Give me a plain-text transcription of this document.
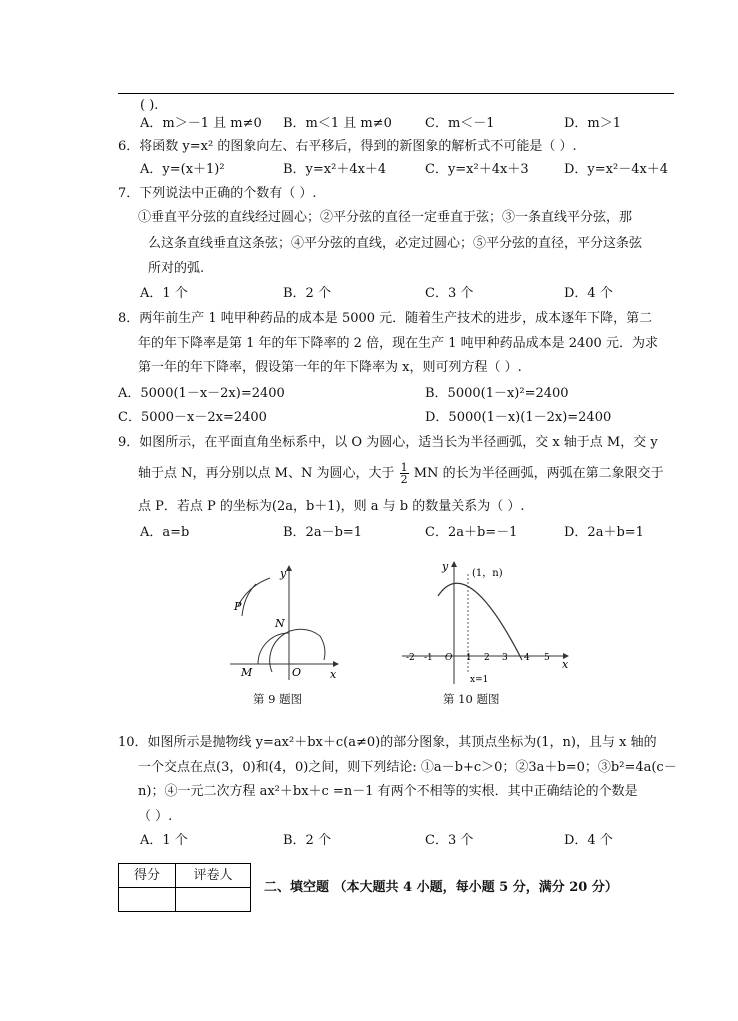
( ).
A．m＞－1 且 m≠0 B．m＜1 且 m≠0	C．m＜－1	D．m＞1
6．将函数 y=x² 的图象向左、右平移后，得到的新图象的解析式不可能是（ ）.
A．y=(x＋1)²	B．y=x²＋4x＋4	C．y=x²＋4x＋3	D．y=x²－4x＋4
7．下列说法中正确的个数有（ ）.
①垂直平分弦的直线经过圆心；②平分弦的直径一定垂直于弦；③一条直线平分弦，那
么这条直线垂直这条弦；④平分弦的直线，必定过圆心；⑤平分弦的直径，平分这条弦
所对的弧.
A．1 个	B．2 个	C．3 个	D．4 个
8．两年前生产 1 吨甲种药品的成本是 5000 元．随着生产技术的进步，成本逐年下降，第二
年的年下降率是第 1 年的年下降率的 2 倍，现在生产 1 吨甲种药品成本是 2400 元．为求
第一年的年下降率，假设第一年的年下降率为 x，则可列方程（ ）.
A．5000(1－x－2x)=2400	B．5000(1－x)²=2400
C．5000－x－2x=2400	D．5000(1－x)(1－2x)=2400
9．如图所示，在平面直角坐标系中，以 O 为圆心，适当长为半径画弧，交 x 轴于点 M，交 y
轴于点 N，再分别以点 M、N 为圆心，大于 $\frac{1}{2}$ MN 的长为半径画弧，两弧在第二象限交于
点 P．若点 P 的坐标为(2a，b＋1)，则 a 与 b 的数量关系为（ ）.
A．a=b	B．2a－b=1	C．2a＋b=－1	D．2a＋b=1
y
x
P
N
M	O
第 9 题图
y
x
(1，n)
x=1
-2 -1 O 1 2 3 4 5
第 10 题图
10．如图所示是抛物线 y=ax²＋bx＋c(a≠0)的部分图象，其顶点坐标为(1，n)，且与 x 轴的
一个交点在点(3，0)和(4，0)之间，则下列结论: ①a－b+c＞0；②3a＋b=0；③b²=4a(c－
n)；④一元二次方程 ax²＋bx＋c =n－1 有两个不相等的实根．其中正确结论的个数是
（ ）.
A．1 个	B．2 个	C．3 个	D．4 个
得分	评卷人

二、填空题 （本大题共 4 小题，每小题 5 分，满分 20 分）
